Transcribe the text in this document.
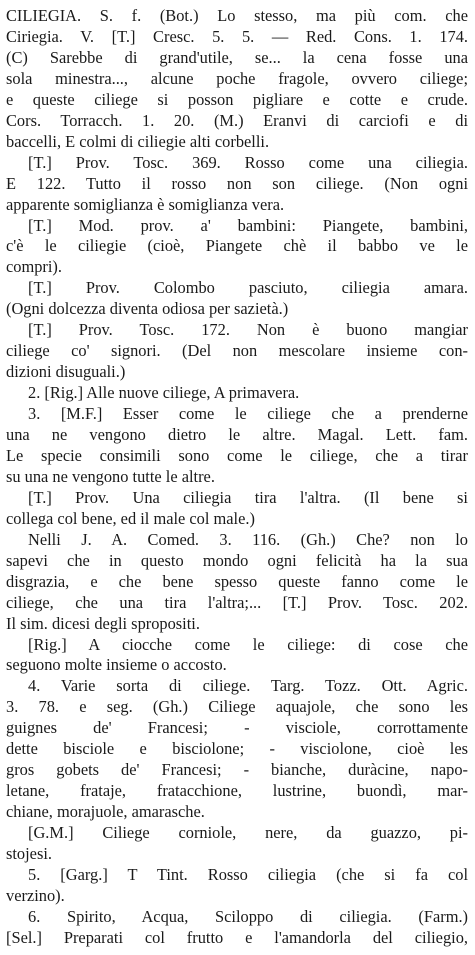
CILIEGIA. S. f. (Bot.) Lo stesso, ma più com. che
Ciriegia. V. [T.] Cresc. 5. 5. — Red. Cons. 1. 174.
(C) Sarebbe di grand'utile, se... la cena fosse una
sola minestra..., alcune poche fragole, ovvero ciliege;
e queste ciliege si posson pigliare e cotte e crude.
Cors. Torracch. 1. 20. (M.) Eranvi di carciofi e di
baccelli, E colmi di ciliegie alti corbelli.
[T.] Prov. Tosc. 369. Rosso come una ciliegia.
E 122. Tutto il rosso non son ciliege. (Non ogni
apparente somiglianza è somiglianza vera.
[T.] Mod. prov. a' bambini: Piangete, bambini,
c'è le ciliegie (cioè, Piangete chè il babbo ve le
compri).
[T.] Prov. Colombo pasciuto, ciliegia amara.
(Ogni dolcezza diventa odiosa per sazietà.)
[T.] Prov. Tosc. 172. Non è buono mangiar
ciliege co' signori. (Del non mescolare insieme con-
dizioni disuguali.)
2. [Rig.] Alle nuove ciliege, A primavera.
3. [M.F.] Esser come le ciliege che a prenderne
una ne vengono dietro le altre. Magal. Lett. fam.
Le specie consimili sono come le ciliege, che a tirar
su una ne vengono tutte le altre.
[T.] Prov. Una ciliegia tira l'altra. (Il bene si
collega col bene, ed il male col male.)
Nelli J. A. Comed. 3. 116. (Gh.) Che? non lo
sapevi che in questo mondo ogni felicità ha la sua
disgrazia, e che bene spesso queste fanno come le
ciliege, che una tira l'altra;... [T.] Prov. Tosc. 202.
Il sim. dicesi degli spropositi.
[Rig.] A ciocche come le ciliege: di cose che
seguono molte insieme o accosto.
4. Varie sorta di ciliege. Targ. Tozz. Ott. Agric.
3. 78. e seg. (Gh.) Ciliege aquajole, che sono les
guignes de' Francesi; - visciole, corrottamente
dette bisciole e bisciolone; - visciolone, cioè les
gros gobets de' Francesi; - bianche, duràcine, napo-
letane, frataje, fratacchione, lustrine, buondì, mar-
chiane, morajuole, amarasche.
[G.M.] Ciliege corniole, nere, da guazzo, pi-
stojesi.
5. [Garg.] T Tint. Rosso ciliegia (che si fa col
verzino).
6. Spirito, Acqua, Sciloppo di ciliegia. (Farm.)
[Sel.] Preparati col frutto e l'amandorla del ciliegio,
